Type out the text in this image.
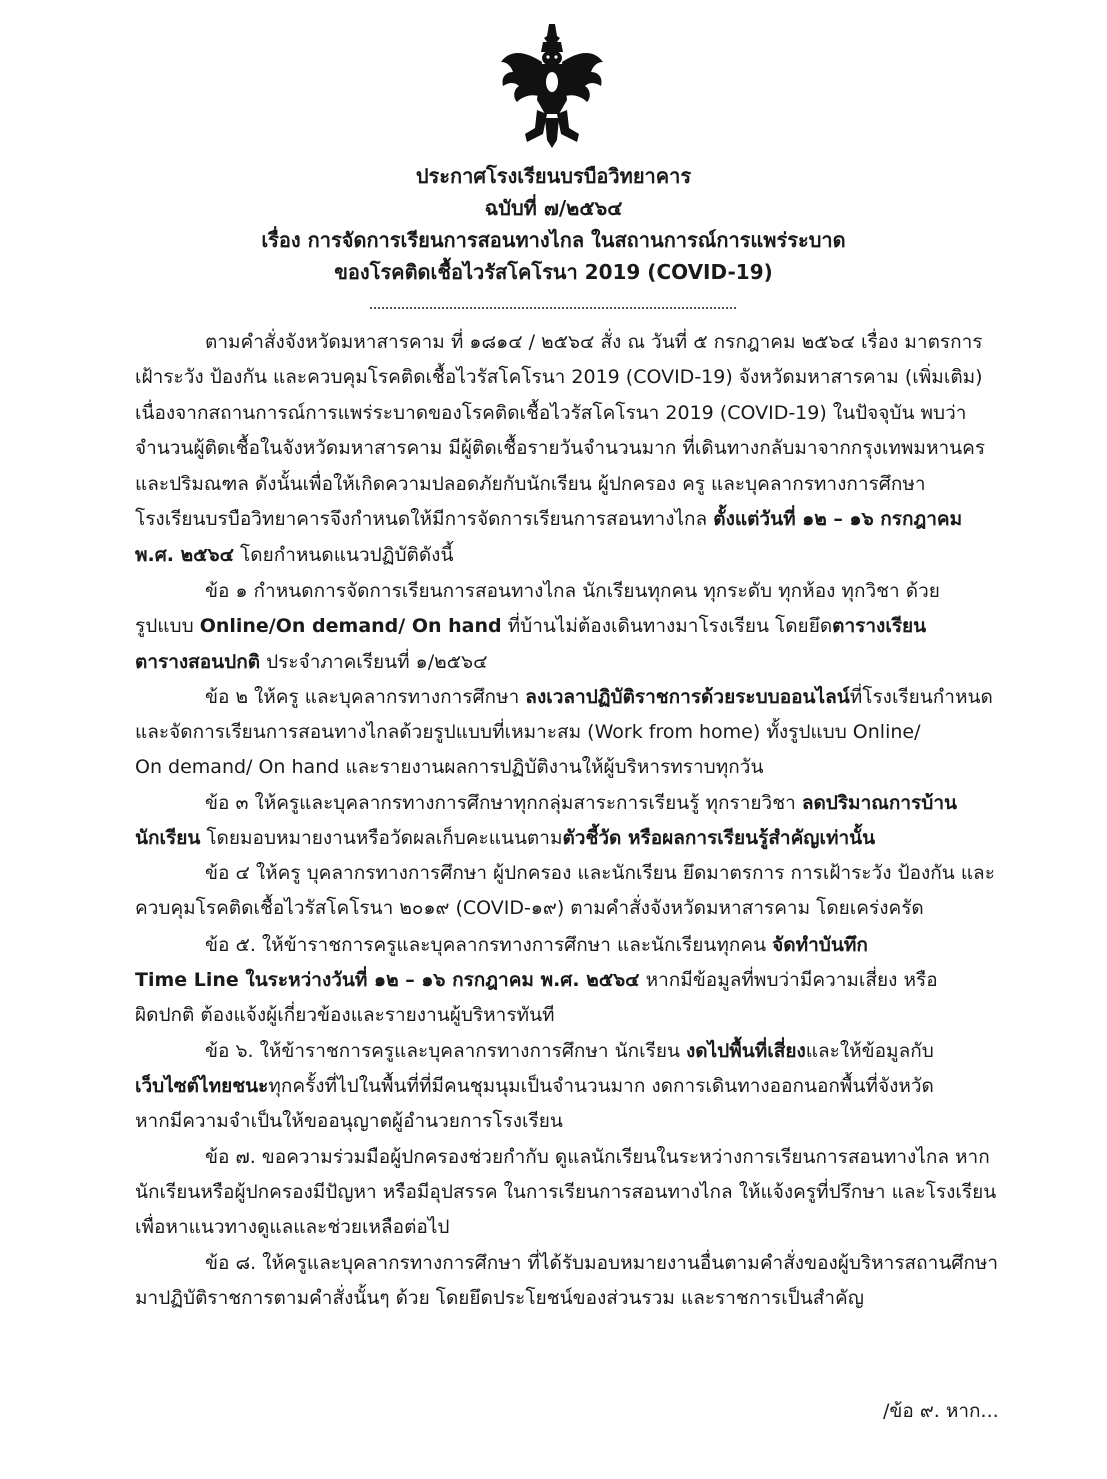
ประกาศโรงเรียนบรบือวิทยาคาร
ฉบับที่ ๗/๒๕๖๔
เรื่อง การจัดการเรียนการสอนทางไกล ในสถานการณ์การแพร่ระบาด
ของโรคติดเชื้อไวรัสโคโรนา 2019 (COVID-19)
ตามคำสั่งจังหวัดมหาสารคาม ที่ ๑๘๑๔ / ๒๕๖๔ สั่ง ณ วันที่ ๕ กรกฎาคม ๒๕๖๔ เรื่อง มาตรการ
เฝ้าระวัง ป้องกัน และควบคุมโรคติดเชื้อไวรัสโคโรนา 2019 (COVID-19) จังหวัดมหาสารคาม (เพิ่มเติม)
เนื่องจากสถานการณ์การแพร่ระบาดของโรคติดเชื้อไวรัสโคโรนา 2019 (COVID-19) ในปัจจุบัน พบว่า
จำนวนผู้ติดเชื้อในจังหวัดมหาสารคาม มีผู้ติดเชื้อรายวันจำนวนมาก ที่เดินทางกลับมาจากกรุงเทพมหานคร
และปริมณฑล ดังนั้นเพื่อให้เกิดความปลอดภัยกับนักเรียน ผู้ปกครอง ครู และบุคลากรทางการศึกษา
โรงเรียนบรบือวิทยาคารจึงกำหนดให้มีการจัดการเรียนการสอนทางไกล ตั้งแต่วันที่ ๑๒ – ๑๖ กรกฎาคม
พ.ศ. ๒๕๖๔ โดยกำหนดแนวปฏิบัติดังนี้
ข้อ ๑ กำหนดการจัดการเรียนการสอนทางไกล นักเรียนทุกคน ทุกระดับ ทุกห้อง ทุกวิชา ด้วย
รูปแบบ Online/On demand/ On hand ที่บ้านไม่ต้องเดินทางมาโรงเรียน โดยยึดตารางเรียน
ตารางสอนปกติ ประจำภาคเรียนที่ ๑/๒๕๖๔
ข้อ ๒ ให้ครู และบุคลากรทางการศึกษา ลงเวลาปฏิบัติราชการด้วยระบบออนไลน์ที่โรงเรียนกำหนด
และจัดการเรียนการสอนทางไกลด้วยรูปแบบที่เหมาะสม (Work from home) ทั้งรูปแบบ Online/
On demand/ On hand และรายงานผลการปฏิบัติงานให้ผู้บริหารทราบทุกวัน
ข้อ ๓ ให้ครูและบุคลากรทางการศึกษาทุกกลุ่มสาระการเรียนรู้ ทุกรายวิชา ลดปริมาณการบ้าน
นักเรียน โดยมอบหมายงานหรือวัดผลเก็บคะแนนตามตัวชี้วัด หรือผลการเรียนรู้สำคัญเท่านั้น
ข้อ ๔ ให้ครู บุคลากรทางการศึกษา ผู้ปกครอง และนักเรียน ยึดมาตรการ การเฝ้าระวัง ป้องกัน และ
ควบคุมโรคติดเชื้อไวรัสโคโรนา ๒๐๑๙ (COVID-๑๙) ตามคำสั่งจังหวัดมหาสารคาม โดยเคร่งครัด
ข้อ ๕. ให้ข้าราชการครูและบุคลากรทางการศึกษา และนักเรียนทุกคน จัดทำบันทึก
Time Line ในระหว่างวันที่ ๑๒ – ๑๖ กรกฎาคม พ.ศ. ๒๕๖๔ หากมีข้อมูลที่พบว่ามีความเสี่ยง หรือ
ผิดปกติ ต้องแจ้งผู้เกี่ยวข้องและรายงานผู้บริหารทันที
ข้อ ๖. ให้ข้าราชการครูและบุคลากรทางการศึกษา นักเรียน งดไปพื้นที่เสี่ยงและให้ข้อมูลกับ
เว็บไซต์ไทยชนะทุกครั้งที่ไปในพื้นที่ที่มีคนชุมนุมเป็นจำนวนมาก งดการเดินทางออกนอกพื้นที่จังหวัด
หากมีความจำเป็นให้ขออนุญาตผู้อำนวยการโรงเรียน
ข้อ ๗. ขอความร่วมมือผู้ปกครองช่วยกำกับ ดูแลนักเรียนในระหว่างการเรียนการสอนทางไกล หาก
นักเรียนหรือผู้ปกครองมีปัญหา หรือมีอุปสรรค ในการเรียนการสอนทางไกล ให้แจ้งครูที่ปรึกษา และโรงเรียน
เพื่อหาแนวทางดูแลและช่วยเหลือต่อไป
ข้อ ๘. ให้ครูและบุคลากรทางการศึกษา ที่ได้รับมอบหมายงานอื่นตามคำสั่งของผู้บริหารสถานศึกษา
มาปฏิบัติราชการตามคำสั่งนั้นๆ ด้วย โดยยึดประโยชน์ของส่วนรวม และราชการเป็นสำคัญ
/ข้อ ๙. หาก...
